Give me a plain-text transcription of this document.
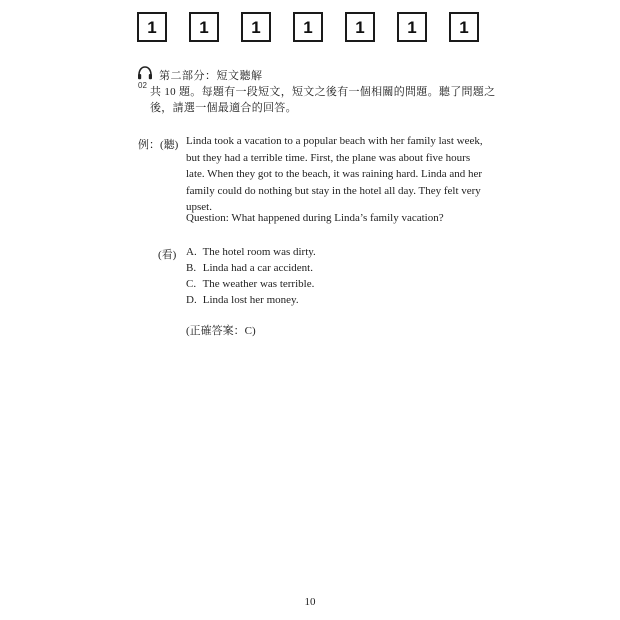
1	1	1	1	1	1	1
02
第二部分：短文聽解
共 10 題。每題有一段短文，短文之後有一個相關的問題。聽了問題之後，請選一個最適合的回答。
例：(聽) Linda took a vacation to a popular beach with her family last week, but they had a terrible time. First, the plane was about five hours late. When they got to the beach, it was raining hard. Linda and her family could do nothing but stay in the hotel all day. They felt very upset.
Question: What happened during Linda’s family vacation?
(看) A. The hotel room was dirty.
B. Linda had a car accident.
C. The weather was terrible.
D. Linda lost her money.
(正確答案：C)
10
